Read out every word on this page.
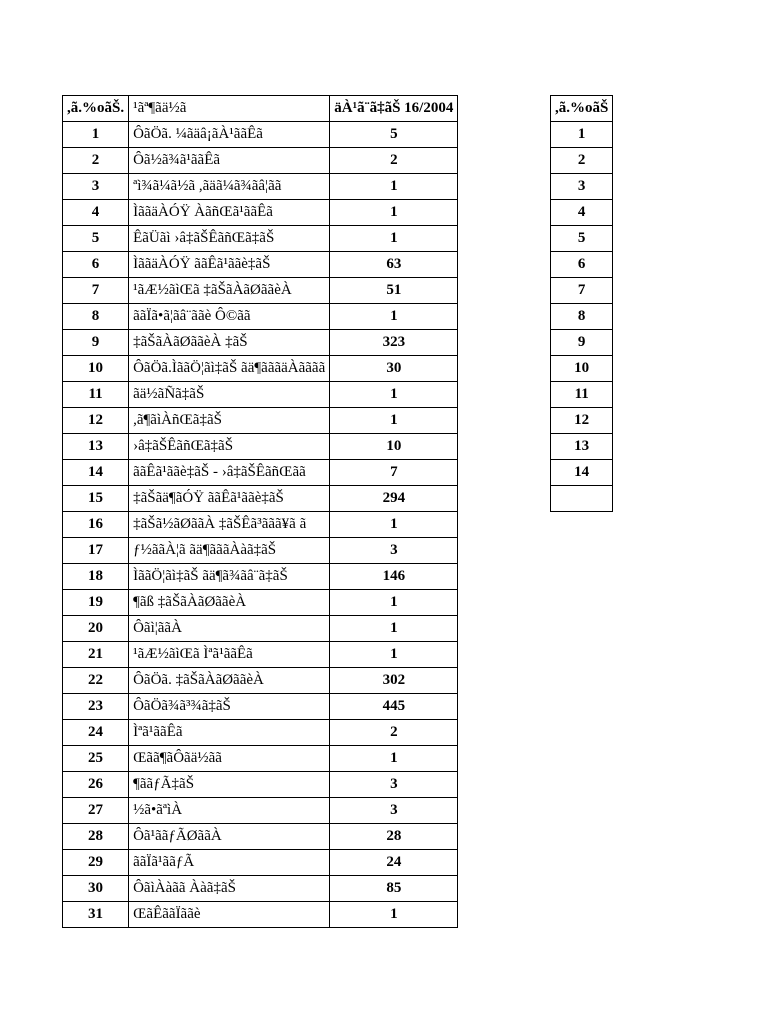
,ã.%oãŠ.	¹ãª¶ãä½ã	äÀ¹ã¨ã‡ãŠ 16/2004
1	ÔãÖã. ¼ãäâ¡ãÀ¹ããÊã	5
2	Ôã½ã¾ã¹ããÊã	2
3	ªì¾ã¼ã½ã ,ãäã¼ã¾ãâ¦ãã	1
4	ÌããäÀÓŸ ÀãñŒã¹ããÊã	1
5	ÊãÜãì ›â‡ãŠÊãñŒã‡ãŠ	1
6	ÌããäÀÓŸ ããÊã¹ããè‡ãŠ	63
7	¹ãÆ½ãìŒã ‡ãŠãÀãØããèÀ	51
8	ããÏã•ã¦ãâ¨ããè Ô©ãã	1
9	‡ãŠãÀãØããèÀ ‡ãŠ	323
10	ÔãÖã.ÌããÖ¦ãì‡ãŠ ãä¶ãããäÀãããã	30
11	ãä½ãÑã‡ãŠ	1
12	,ã¶ãìÀñŒã‡ãŠ	1
13	›â‡ãŠÊãñŒã‡ãŠ	10
14	ããÊã¹ããè‡ãŠ - ›â‡ãŠÊãñŒãã	7
15	‡ãŠãä¶ãÓŸ ããÊã¹ããè‡ãŠ	294
16	‡ãŠã½ãØããÀ ‡ãŠÊã³ããã¥ã ã	1
17	ƒ½ããÀ¦ã ãä¶ãããÀàã‡ãŠ	3
18	ÌããÖ¦ãì‡ãŠ ãä¶ã¾ãâ¨ã‡ãŠ	146
19	¶ãß ‡ãŠãÀãØããèÀ	1
20	Ôãì¦ããÀ	1
21	¹ãÆ½ãìŒã Ìªã¹ããÊã	1
22	ÔãÖã. ‡ãŠãÀãØããèÀ	302
23	ÔãÖã¾ã³¾ã‡ãŠ	445
24	Ìªã¹ããÊã	2
25	Œãã¶ãÔãä½ãã	1
26	¶ããƒÃ‡ãŠ	3
27	½ã•ãªìÀ	3
28	Ôã¹ããƒÃØããÀ	28
29	ããÏã¹ããƒÃ	24
30	ÔãìÀàãã Ààã‡ãŠ	85
31	ŒãÊããÏããè	1
,ã.%oãŠ
1
2
3
4
5
6
7
8
9
10
11
12
13
14
